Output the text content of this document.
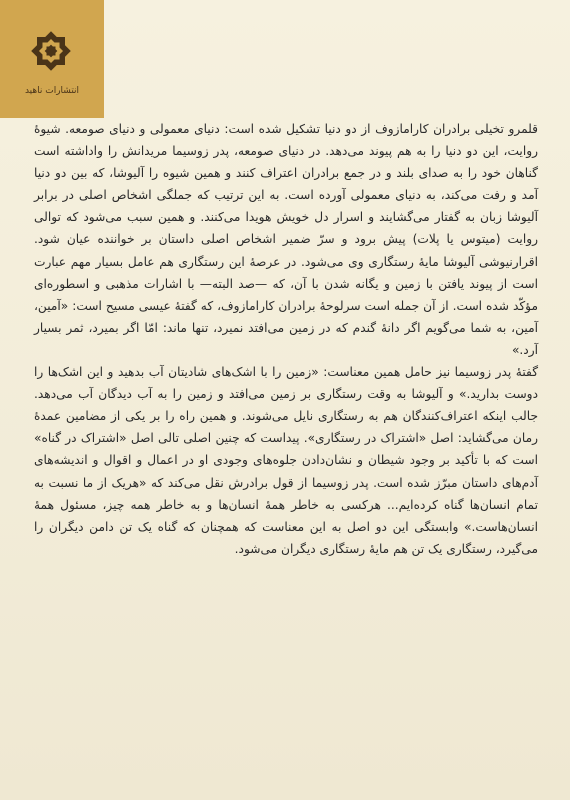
انتشارات ناهید

قلمرو تخیلی برادران کارامازوف از دو دنیا تشکیل شده است: دنیای معمولی و دنیای صومعه. شیوهٔ روایت، این دو دنیا را به هم پیوند می‌دهد. در دنیای صومعه، پدر زوسیما مریدانش را واداشته است گناهان خود را به صدای بلند و در جمع برادران اعتراف کنند و همین شیوه را آلیوشا، که بین دو دنیا آمد و رفت می‌کند، به دنیای معمولی آورده است. به این ترتیب که جملگی اشخاص اصلی در برابر آلیوشا زبان به گفتار می‌گشایند و اسرار دل خویش هویدا می‌کنند. و همین سبب می‌شود که توالی روایت (میتوس یا پلات) پیش برود و سرّ ضمیر اشخاص اصلی داستان بر خواننده عیان شود. اقرارنیوشی آلیوشا مایهٔ رستگاری وی می‌شود. در عرصهٔ این رستگاری هم عامل بسیار مهم عبارت است از پیوند یافتن با زمین و یگانه شدن با آن، که —صد البته— با اشارات مذهبی و اسطوره‌ای مؤکّد شده است. از آن جمله است سرلوحهٔ برادران کارامازوف، که گفتهٔ عیسی مسیح است: «آمین، آمین، به شما می‌گویم اگر دانهٔ گندم که در زمین می‌افتد نمیرد، تنها ماند: امّا اگر بمیرد، ثمر بسیار آرد.»

گفتهٔ پدر زوسیما نیز حامل همین معناست: «زمین را با اشک‌های شادیتان آب بدهید و این اشک‌ها را دوست بدارید.» و آلیوشا به وقت رستگاری بر زمین می‌افتد و زمین را به آب دیدگان آب می‌دهد. جالب اینکه اعتراف‌کنندگان هم به رستگاری نایل می‌شوند. و همین راه را بر یکی از مضامین عمدهٔ رمان می‌گشاید: اصل «اشتراک در رستگاری». پیداست که چنین اصلی تالی اصل «اشتراک در گناه» است که با تأکید بر وجود شیطان و نشان‌دادن جلوه‌های وجودی او در اعمال و اقوال و اندیشه‌های آدم‌های داستان مبرّز شده است. پدر زوسیما از قول برادرش نقل می‌کند که «هریک از ما نسبت به تمام انسان‌ها گناه کرده‌ایم... هرکسی به خاطر همهٔ انسان‌ها و به خاطر همه چیز، مسئول همهٔ انسان‌هاست.» وابستگی این دو اصل به این معناست که همچنان که گناه یک تن دامن دیگران را می‌گیرد، رستگاری یک تن هم مایهٔ رستگاری دیگران می‌شود.
